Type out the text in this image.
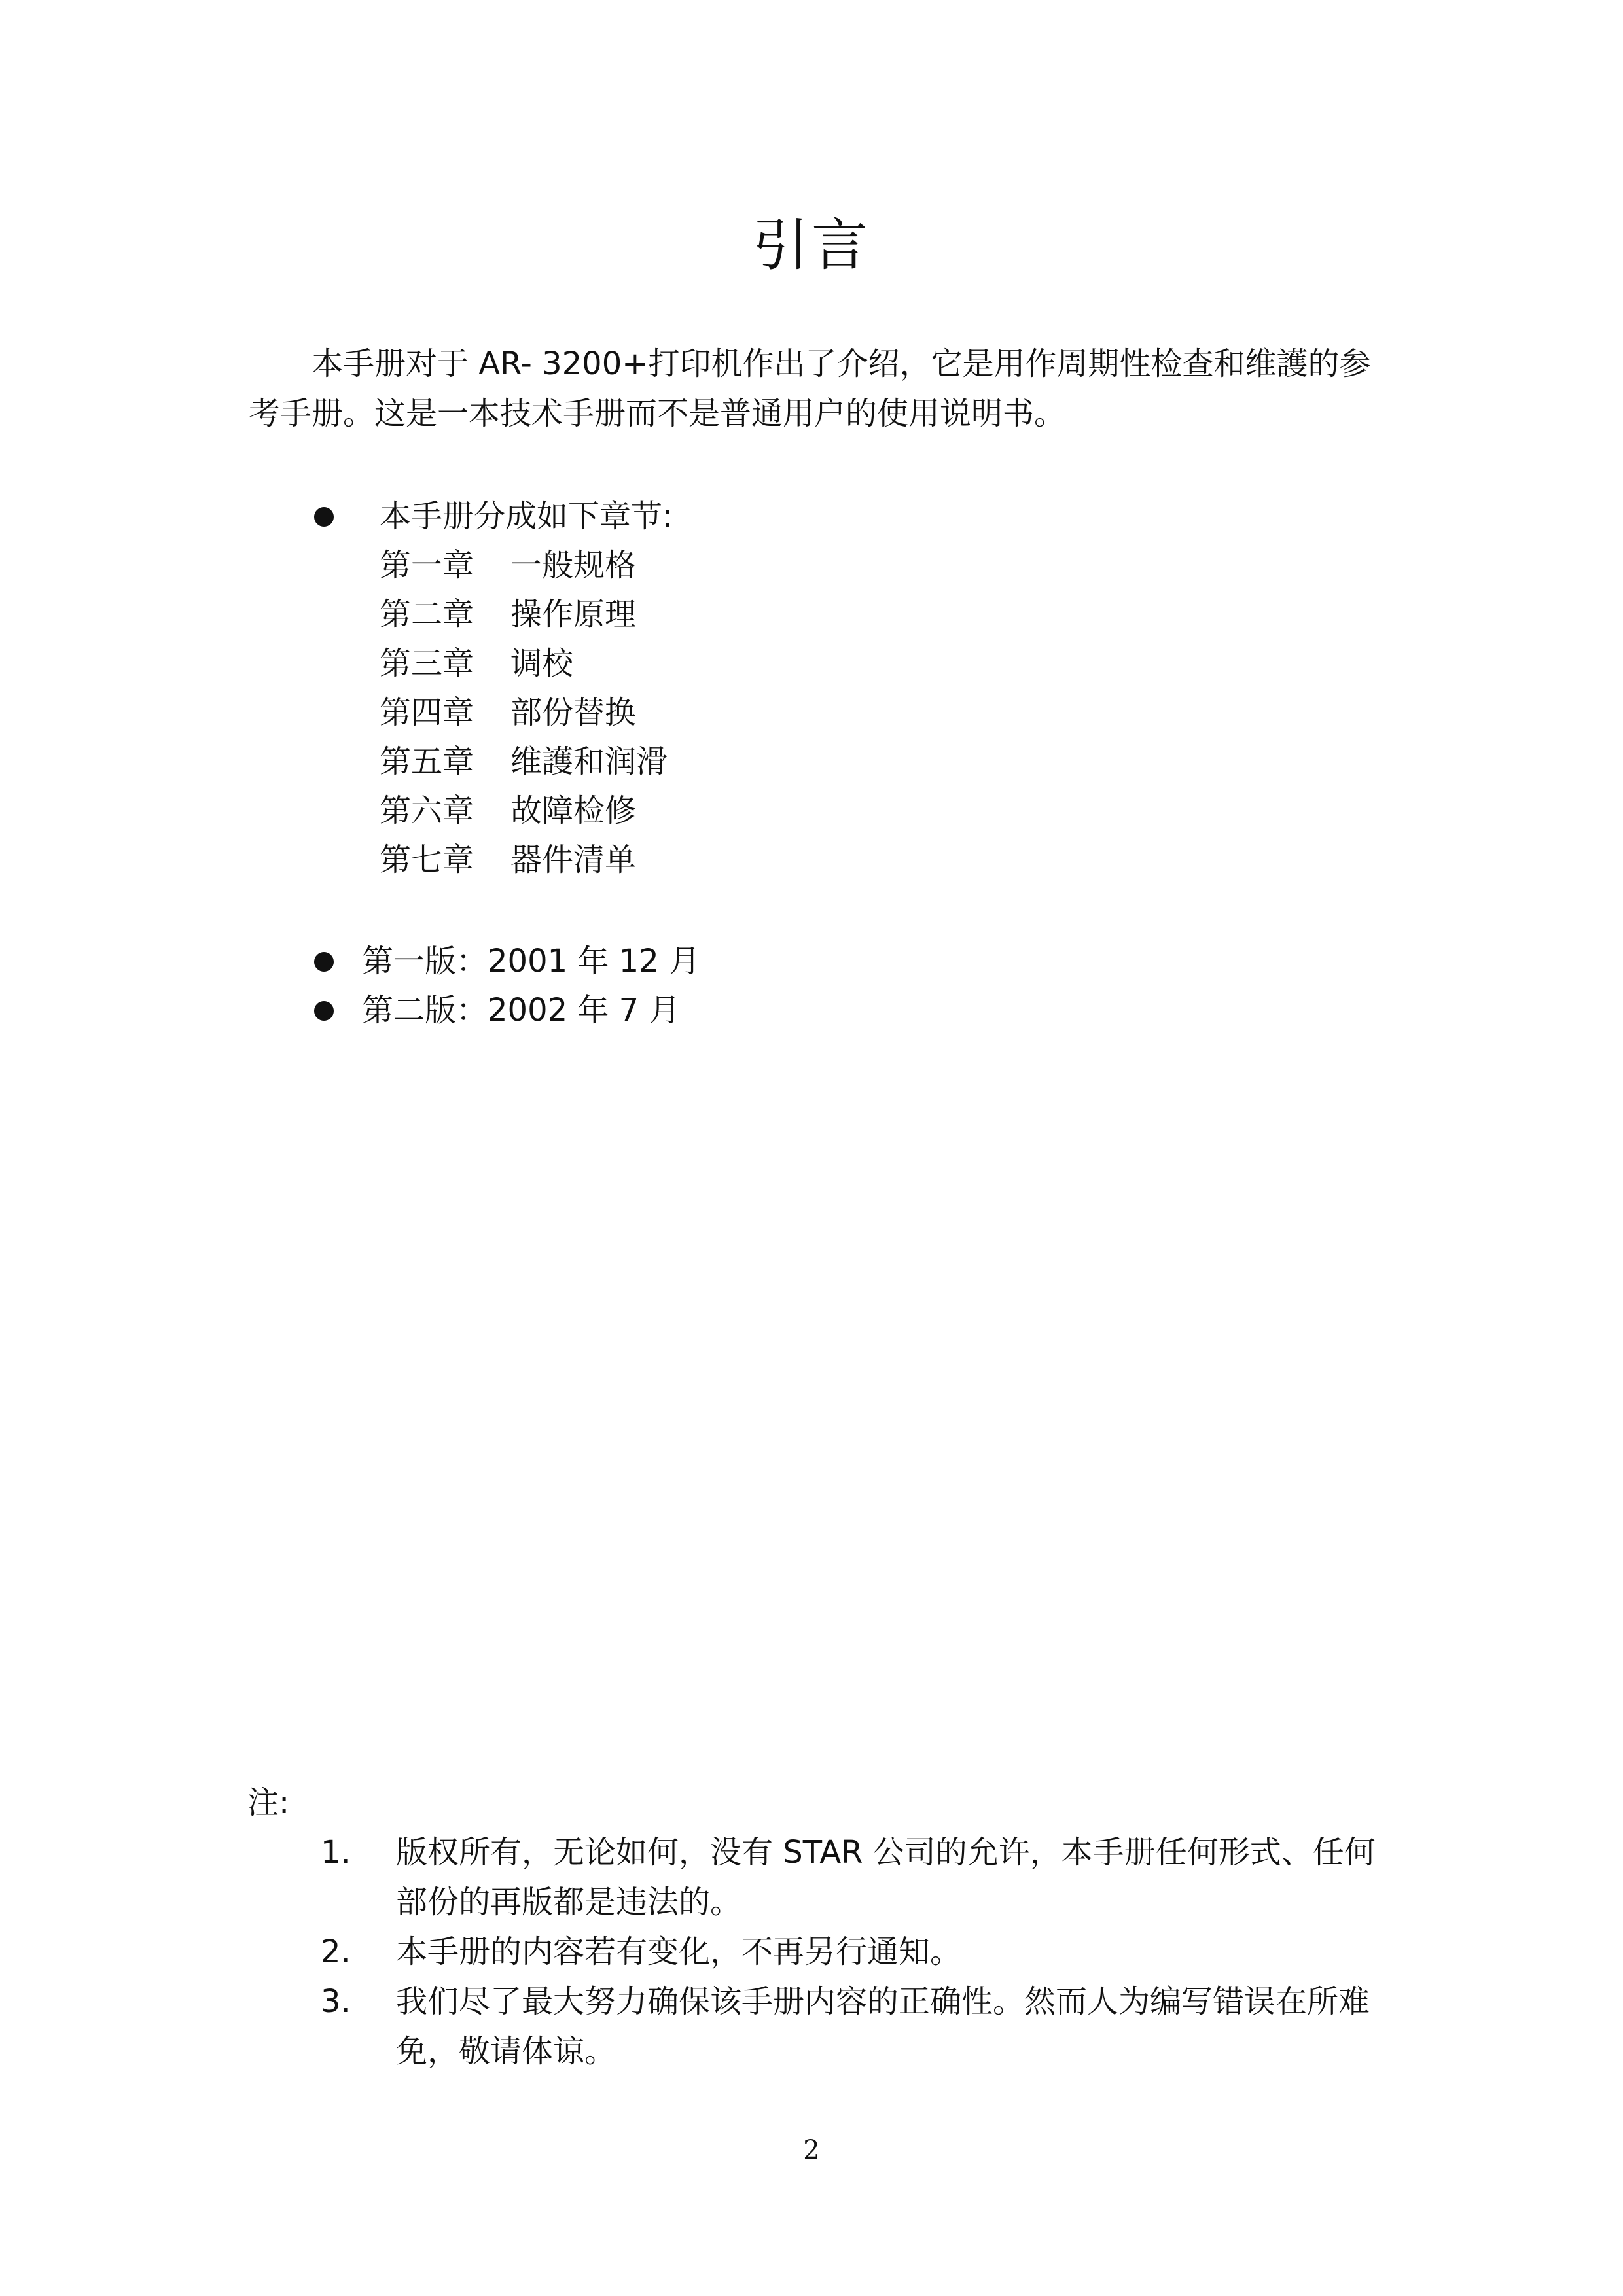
引言

本手册对于 AR- 3200+打印机作出了介绍，它是用作周期性检查和维護的参考手册。这是一本技术手册而不是普通用户的使用说明书。

本手册分成如下章节:
第一章 一般规格
第二章 操作原理
第三章 调校
第四章 部份替换
第五章 维護和润滑
第六章 故障检修
第七章 器件清单
第一版：2001 年 12 月
第二版：2002 年 7 月
注:
1. 版权所有，无论如何，没有 STAR 公司的允许，本手册任何形式、任何部份的再版都是违法的。
2. 本手册的内容若有变化，不再另行通知。
3. 我们尽了最大努力确保该手册内容的正确性。然而人为编写错误在所难免，敬请体谅。
2
